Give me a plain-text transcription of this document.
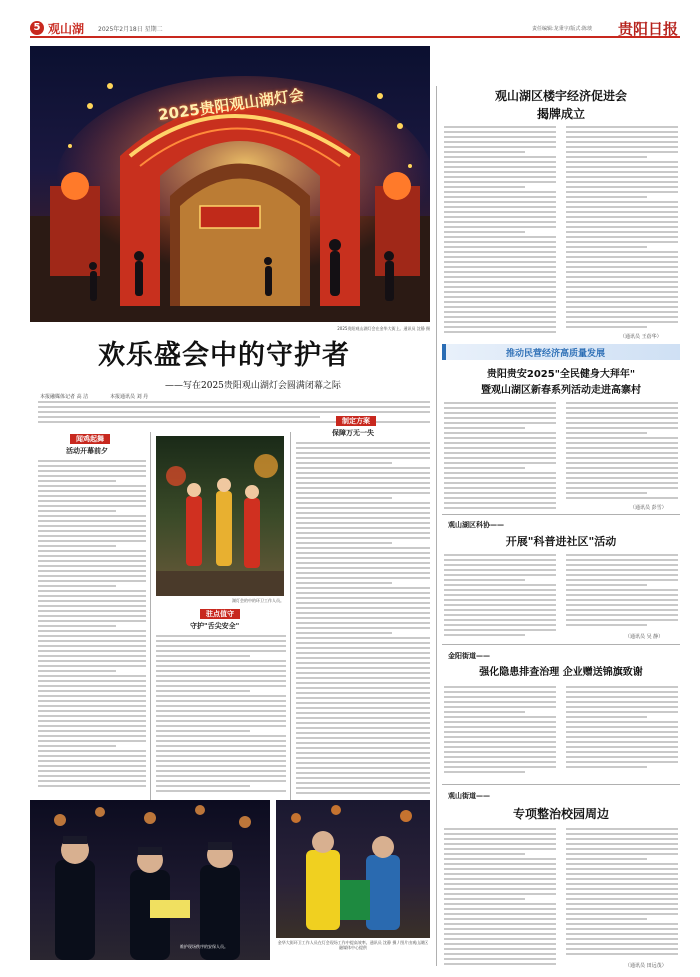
5 观山湖 2025年2月18日 星期二	责任编辑:龙秉宇/版式:陈琰 贵阳日报
2025贵阳观山湖灯会
2025贵阳观山湖灯会在金华大街上。通讯员 沈静 摄
欢乐盛会中的守护者
——写在2025贵阳观山湖灯会圆满闭幕之际
本报融媒体记者 高 洁	本报通讯员 刘 丹
闻鸡起舞
活动开幕前夕
湖灯会的中的环卫工作人员。
驻点值守
守护"舌尖安全"
制定方案
保障万无一失
维护现场秩序的安保人员。
金华大街环卫工作人员在灯会现场工作中提高效率。通讯员 沈静 摄 / 图片由观山湖区融媒体中心提供
观山湖区楼宇经济促进会
揭牌成立
（通讯员 王蓓华）
推动民营经济高质量发展
贵阳贵安2025"全民健身大拜年"
暨观山湖区新春系列活动走进高寨村
（通讯员 彭雪）
观山湖区科协——
开展"科普进社区"活动
（通讯员 吴 静）
金阳街道——
强化隐患排查治理 企业赠送锦旗致谢
观山街道——
专项整治校园周边
（通讯员 田远茂）
